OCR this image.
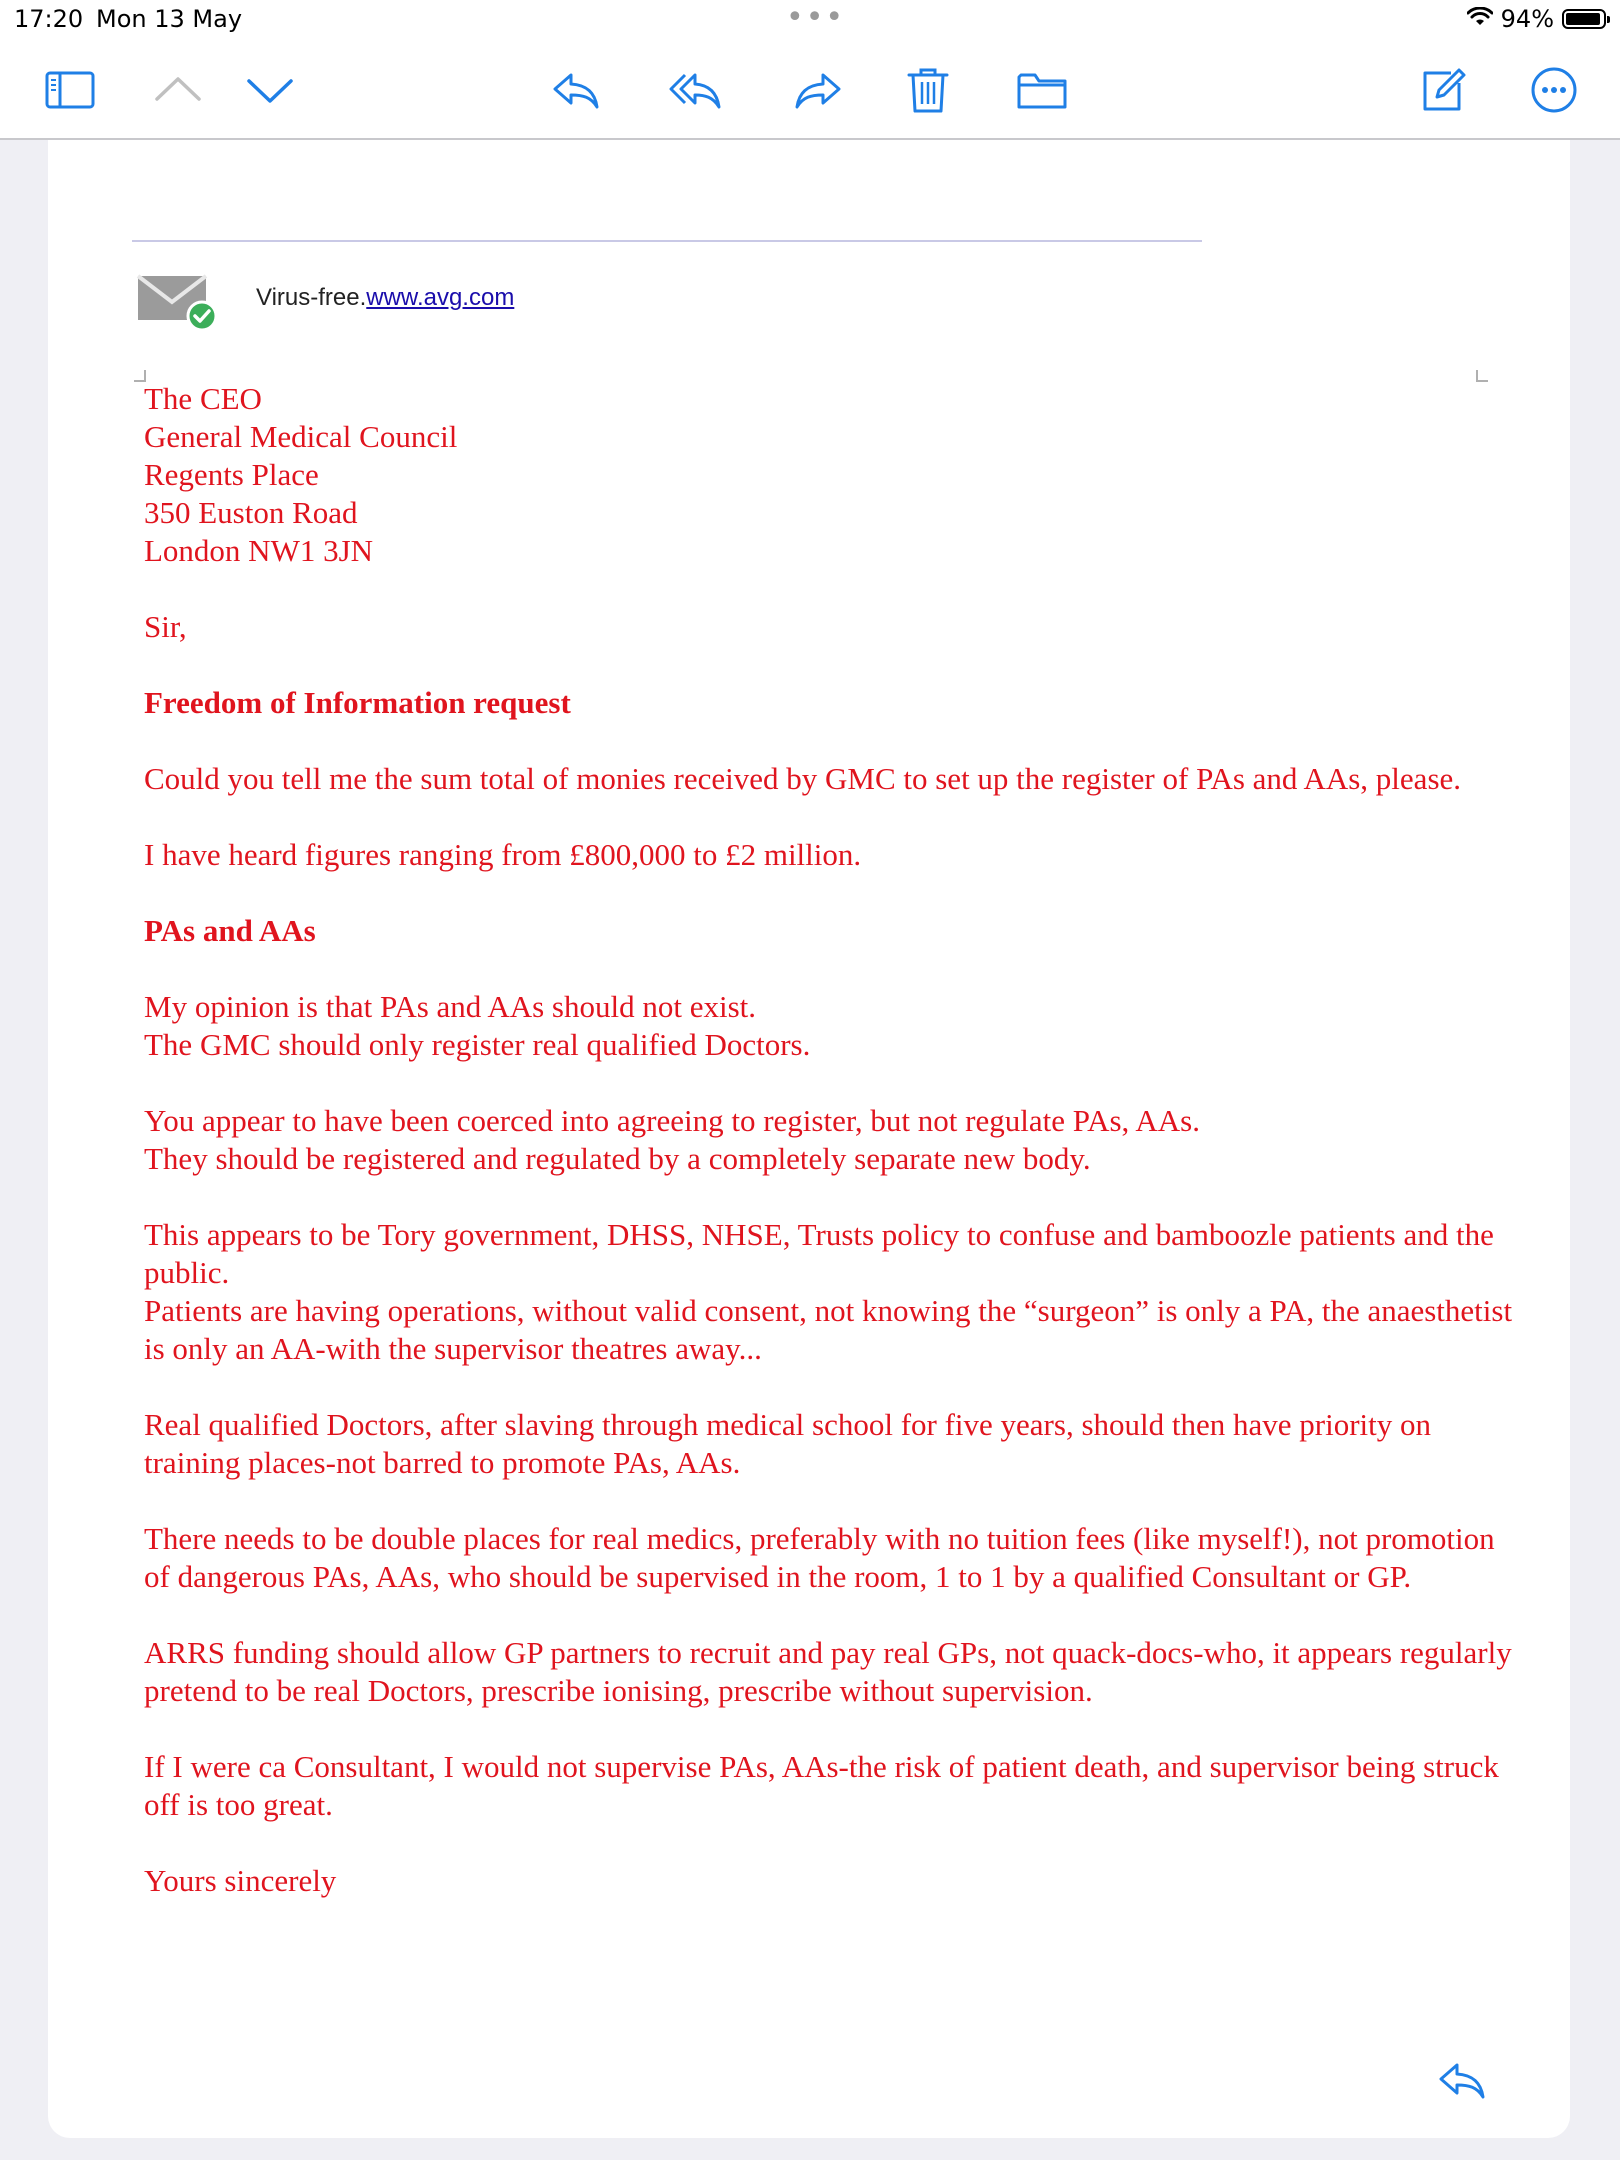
17:20 Mon 13 May	•••	94%
Virus-free.www.avg.com

The CEO
General Medical Council
Regents Place
350 Euston Road
London NW1 3JN

Sir,

Freedom of Information request

Could you tell me the sum total of monies received by GMC to set up the register of PAs and AAs, please.

I have heard figures ranging from £800,000 to £2 million.

PAs and AAs

My opinion is that PAs and AAs should not exist.
The GMC should only register real qualified Doctors.

You appear to have been coerced into agreeing to register, but not regulate PAs, AAs.
They should be registered and regulated by a completely separate new body.

This appears to be Tory government, DHSS, NHSE, Trusts policy to confuse and bamboozle patients and the public.
Patients are having operations, without valid consent, not knowing the “surgeon” is only a PA, the anaesthetist is only an AA-with the supervisor theatres away...

Real qualified Doctors, after slaving through medical school for five years, should then have priority on training places-not barred to promote PAs, AAs.

There needs to be double places for real medics, preferably with no tuition fees (like myself!), not promotion of dangerous PAs, AAs, who should be supervised in the room, 1 to 1 by a qualified Consultant or GP.

ARRS funding should allow GP partners to recruit and pay real GPs, not quack-docs-who, it appears regularly pretend to be real Doctors, prescribe ionising, prescribe without supervision.

If I were ca Consultant, I would not supervise PAs, AAs-the risk of patient death, and supervisor being struck off is too great.

Yours sincerely
